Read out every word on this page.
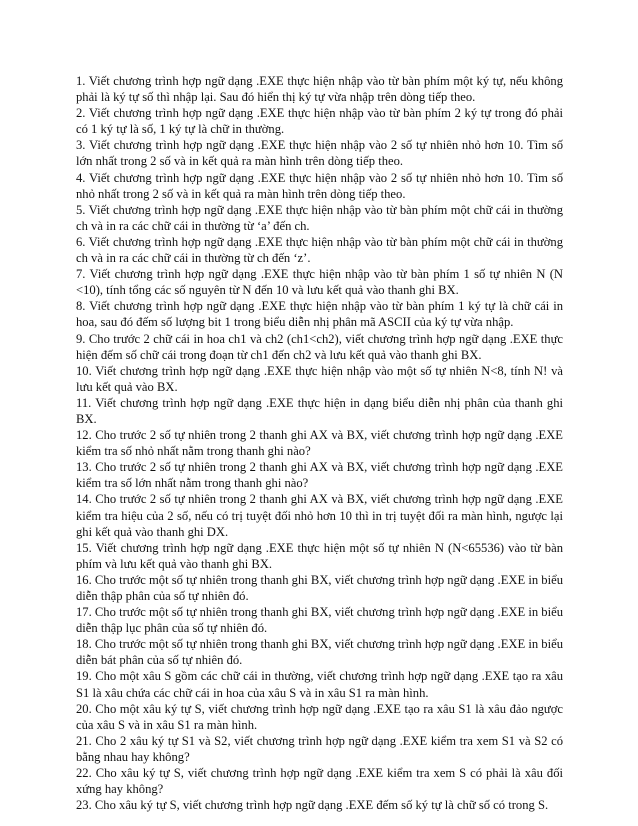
1. Viết chương trình hợp ngữ dạng .EXE thực hiện nhập vào từ bàn phím một ký tự, nếu không phải là ký tự số thì nhập lại. Sau đó hiển thị ký tự vừa nhập trên dòng tiếp theo.

2. Viết chương trình hợp ngữ dạng .EXE thực hiện nhập vào từ bàn phím 2 ký tự trong đó phải có 1 ký tự là số, 1 ký tự là chữ in thường.

3. Viết chương trình hợp ngữ dạng .EXE thực hiện nhập vào 2 số tự nhiên nhỏ hơn 10. Tìm số lớn nhất trong 2 số và in kết quả ra màn hình trên dòng tiếp theo.

4. Viết chương trình hợp ngữ dạng .EXE thực hiện nhập vào 2 số tự nhiên nhỏ hơn 10. Tìm số nhỏ nhất trong 2 số và in kết quả ra màn hình trên dòng tiếp theo.

5. Viết chương trình hợp ngữ dạng .EXE thực hiện nhập vào từ bàn phím một chữ cái in thường ch và in ra các chữ cái in thường từ ‘a’ đến ch.

6. Viết chương trình hợp ngữ dạng .EXE thực hiện nhập vào từ bàn phím một chữ cái in thường ch và in ra các chữ cái in thường từ ch đến ‘z’.

7. Viết chương trình hợp ngữ dạng .EXE thực hiện nhập vào từ bàn phím 1 số tự nhiên N (N <10), tính tổng các số nguyên từ N đến 10 và lưu kết quả vào thanh ghi BX.

8. Viết chương trình hợp ngữ dạng .EXE thực hiện nhập vào từ bàn phím 1 ký tự là chữ cái in hoa, sau đó đếm số lượng bit 1 trong biểu diễn nhị phân mã ASCII của ký tự vừa nhập.

9. Cho trước 2 chữ cái in hoa ch1 và ch2 (ch1<ch2), viết chương trình hợp ngữ dạng .EXE thực hiện đếm số chữ cái trong đoạn từ ch1 đến ch2 và lưu kết quả vào thanh ghi BX.

10. Viết chương trình hợp ngữ dạng .EXE thực hiện nhập vào một số tự nhiên N<8, tính N! và lưu kết quả vào BX.

11. Viết chương trình hợp ngữ dạng .EXE thực hiện in dạng biểu diễn nhị phân của thanh ghi BX.

12. Cho trước 2 số tự nhiên trong 2 thanh ghi AX và BX, viết chương trình hợp ngữ dạng .EXE kiểm tra số nhỏ nhất nằm trong thanh ghi nào?

13. Cho trước 2 số tự nhiên trong 2 thanh ghi AX và BX, viết chương trình hợp ngữ dạng .EXE kiểm tra số lớn nhất nằm trong thanh ghi nào?

14. Cho trước 2 số tự nhiên trong 2 thanh ghi AX và BX, viết chương trình hợp ngữ dạng .EXE kiểm tra hiệu của 2 số, nếu có trị tuyệt đối nhỏ hơn 10 thì in trị tuyệt đối ra màn hình, ngược lại ghi kết quả vào thanh ghi DX.

15. Viết chương trình hợp ngữ dạng .EXE thực hiện một số tự nhiên N (N<65536) vào từ bàn phím và lưu kết quả vào thanh ghi BX.

16. Cho trước một số tự nhiên trong thanh ghi BX, viết chương trình hợp ngữ dạng .EXE in biểu diễn thập phân của số tự nhiên đó.

17. Cho trước một số tự nhiên trong thanh ghi BX, viết chương trình hợp ngữ dạng .EXE in biểu diễn thập lục phân của số tự nhiên đó.

18. Cho trước một số tự nhiên trong thanh ghi BX, viết chương trình hợp ngữ dạng .EXE in biểu diễn bát phân của số tự nhiên đó.

19. Cho một xâu S gồm các chữ cái in thường, viết chương trình hợp ngữ dạng .EXE tạo ra xâu S1 là xâu chứa các chữ cái in hoa của xâu S và in xâu S1 ra màn hình.

20. Cho một xâu ký tự S, viết chương trình hợp ngữ dạng .EXE tạo ra xâu S1 là xâu đảo ngược của xâu S và in xâu S1 ra màn hình.

21. Cho 2 xâu ký tự S1 và S2, viết chương trình hợp ngữ dạng .EXE kiểm tra xem S1 và S2 có bằng nhau hay không?

22. Cho xâu ký tự S, viết chương trình hợp ngữ dạng .EXE kiểm tra xem S có phải là xâu đối xứng hay không?

23. Cho xâu ký tự S, viết chương trình hợp ngữ dạng .EXE đếm số ký tự là chữ số có trong S.
